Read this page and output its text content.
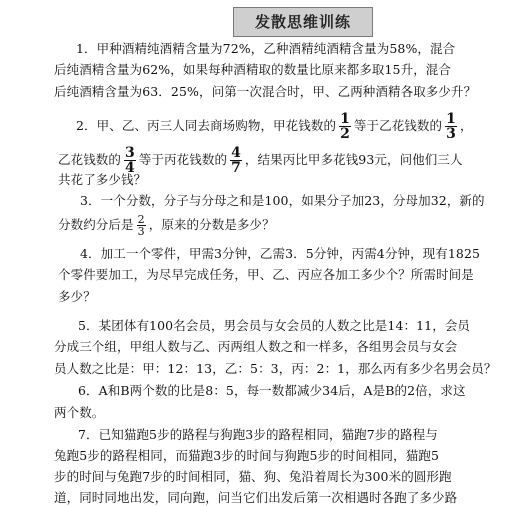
发散思维训练
1．甲种酒精纯酒精含量为72%，乙种酒精纯酒精含量为58%，混合
后纯酒精含量为62%，如果每种酒精取的数量比原来都多取15升，混合
后纯酒精含量为63．25%，问第一次混合时，甲、乙两种酒精各取多少升？
2．甲、乙、丙三人同去商场购物，甲花钱数的 $\frac{1}{2}$ 等于乙花钱数的 $\frac{1}{3}$ ，
乙花钱数的 $\frac{3}{4}$ 等于丙花钱数的 $\frac{4}{7}$ ，结果丙比甲多花钱93元，问他们三人
共花了多少钱？
3．一个分数，分子与分母之和是100，如果分子加23，分母加32，新的
分数约分后是 $\frac{2}{3}$ ，原来的分数是多少？
4．加工一个零件，甲需3分钟，乙需3．5分钟，丙需4分钟，现有1825
个零件要加工，为尽早完成任务，甲、乙、丙应各加工多少个？所需时间是
多少？
5．某团体有100名会员，男会员与女会员的人数之比是14：11，会员
分成三个组，甲组人数与乙、丙两组人数之和一样多，各组男会员与女会
员人数之比是：甲：12：13，乙：5：3，丙：2：1，那么丙有多少名男会员？
6．A和B两个数的比是8：5，每一数都减少34后，A是B的2倍，求这
两个数。
7．已知猫跑5步的路程与狗跑3步的路程相同，猫跑7步的路程与
兔跑5步的路程相同，而猫跑3步的时间与狗跑5步的时间相同，猫跑5
步的时间与兔跑7步的时间相同，猫、狗、兔沿着周长为300米的圆形跑
道，同时同地出发，同向跑，问当它们出发后第一次相遇时各跑了多少路
